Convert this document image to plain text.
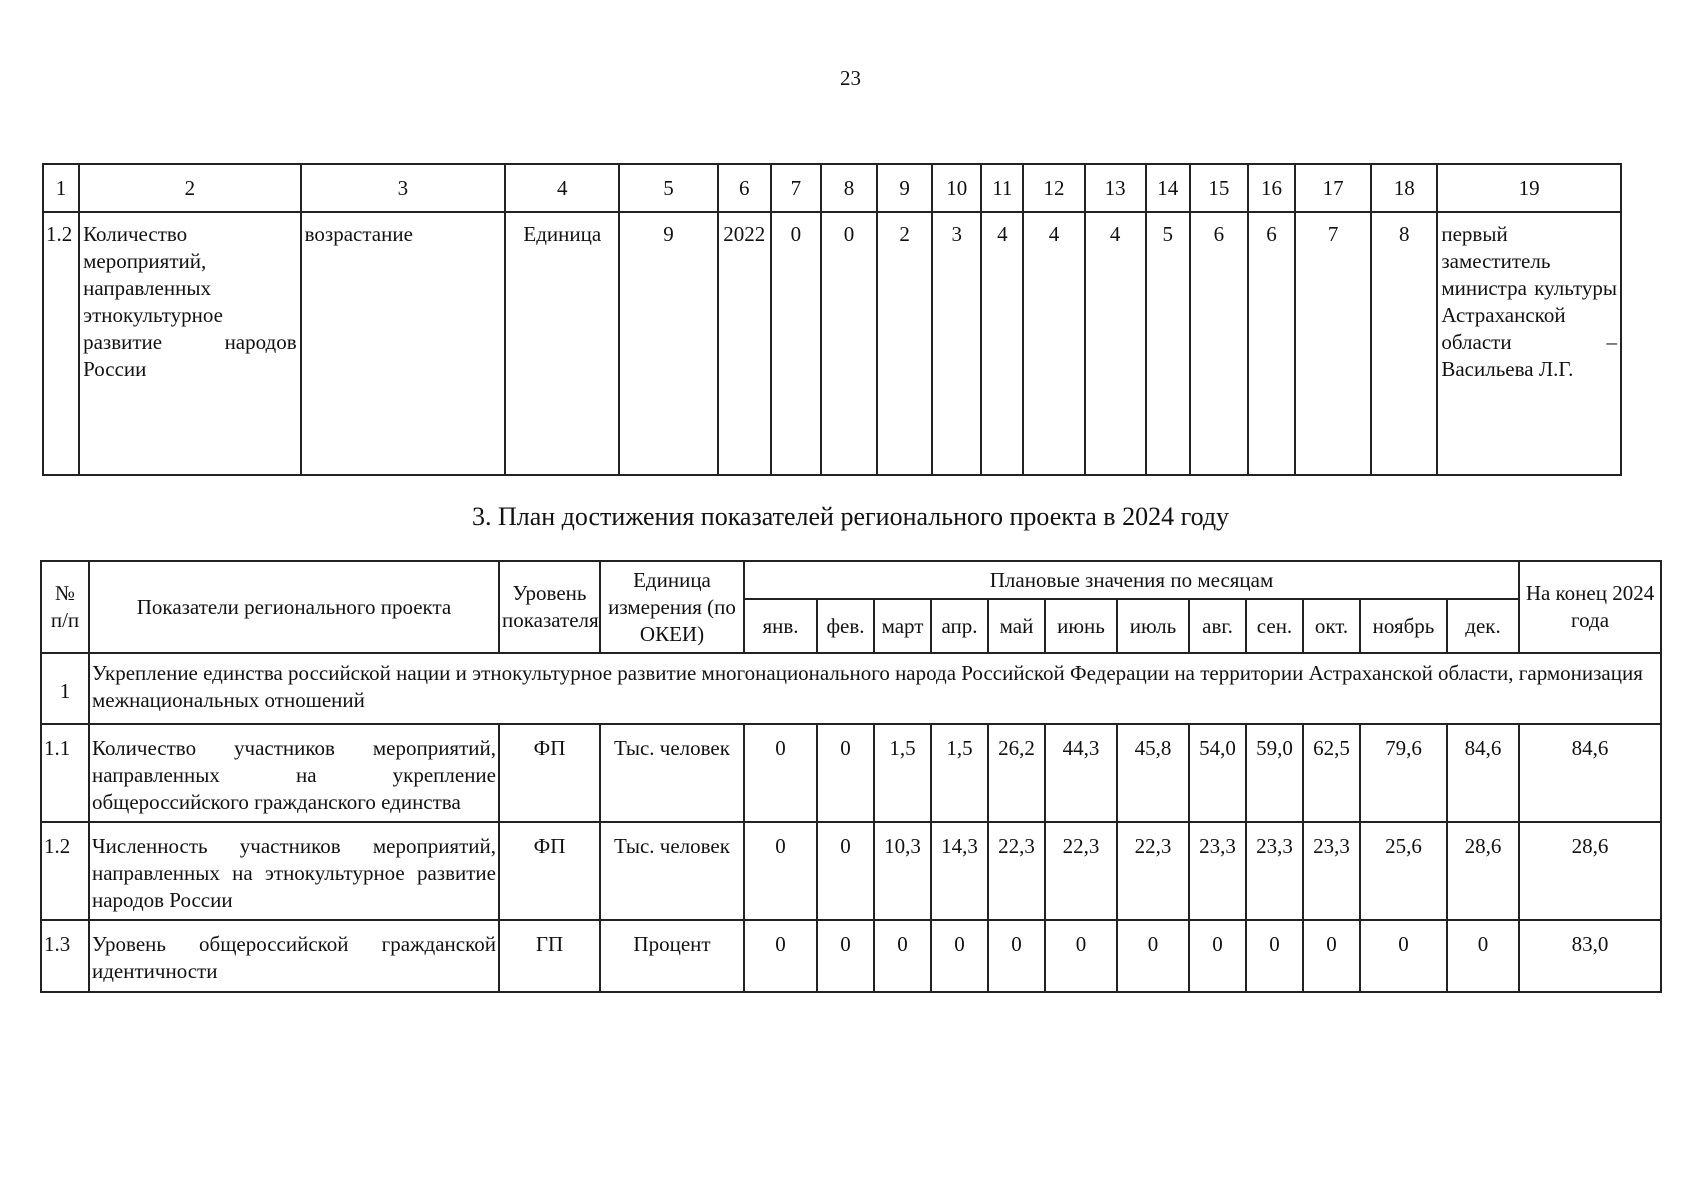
23
1	2	3	4	5	6	7	8	9	10	11	12	13	14	15	16	17	18	19
1.2	Количество мероприятий, направленных этнокультурное развитие народов России	возрастание	Единица	9	2022	0	0	2	3	4	4	4	5	6	6	7	8	первый заместитель министра культуры Астраханской области – Васильева Л.Г.
3. План достижения показателей регионального проекта в 2024 году
№ п/п	Показатели регионального проекта	Уровень показателя	Единица измерения (по ОКЕИ)	Плановые значения по месяцам												На конец 2024 года
				янв.	фев.	март	апр.	май	июнь	июль	авг.	сен.	окт.	ноябрь	дек.	
1	Укрепление единства российской нации и этнокультурное развитие многонационального народа Российской Федерации на территории Астраханской области, гармонизация межнациональных отношений															
1.1	Количество участников мероприятий, направленных на укрепление общероссийского гражданского единства	ФП	Тыс. человек	0	0	1,5	1,5	26,2	44,3	45,8	54,0	59,0	62,5	79,6	84,6	84,6
1.2	Численность участников мероприятий, направленных на этнокультурное развитие народов России	ФП	Тыс. человек	0	0	10,3	14,3	22,3	22,3	22,3	23,3	23,3	23,3	25,6	28,6	28,6
1.3	Уровень общероссийской гражданской идентичности	ГП	Процент	0	0	0	0	0	0	0	0	0	0	0	0	83,0
